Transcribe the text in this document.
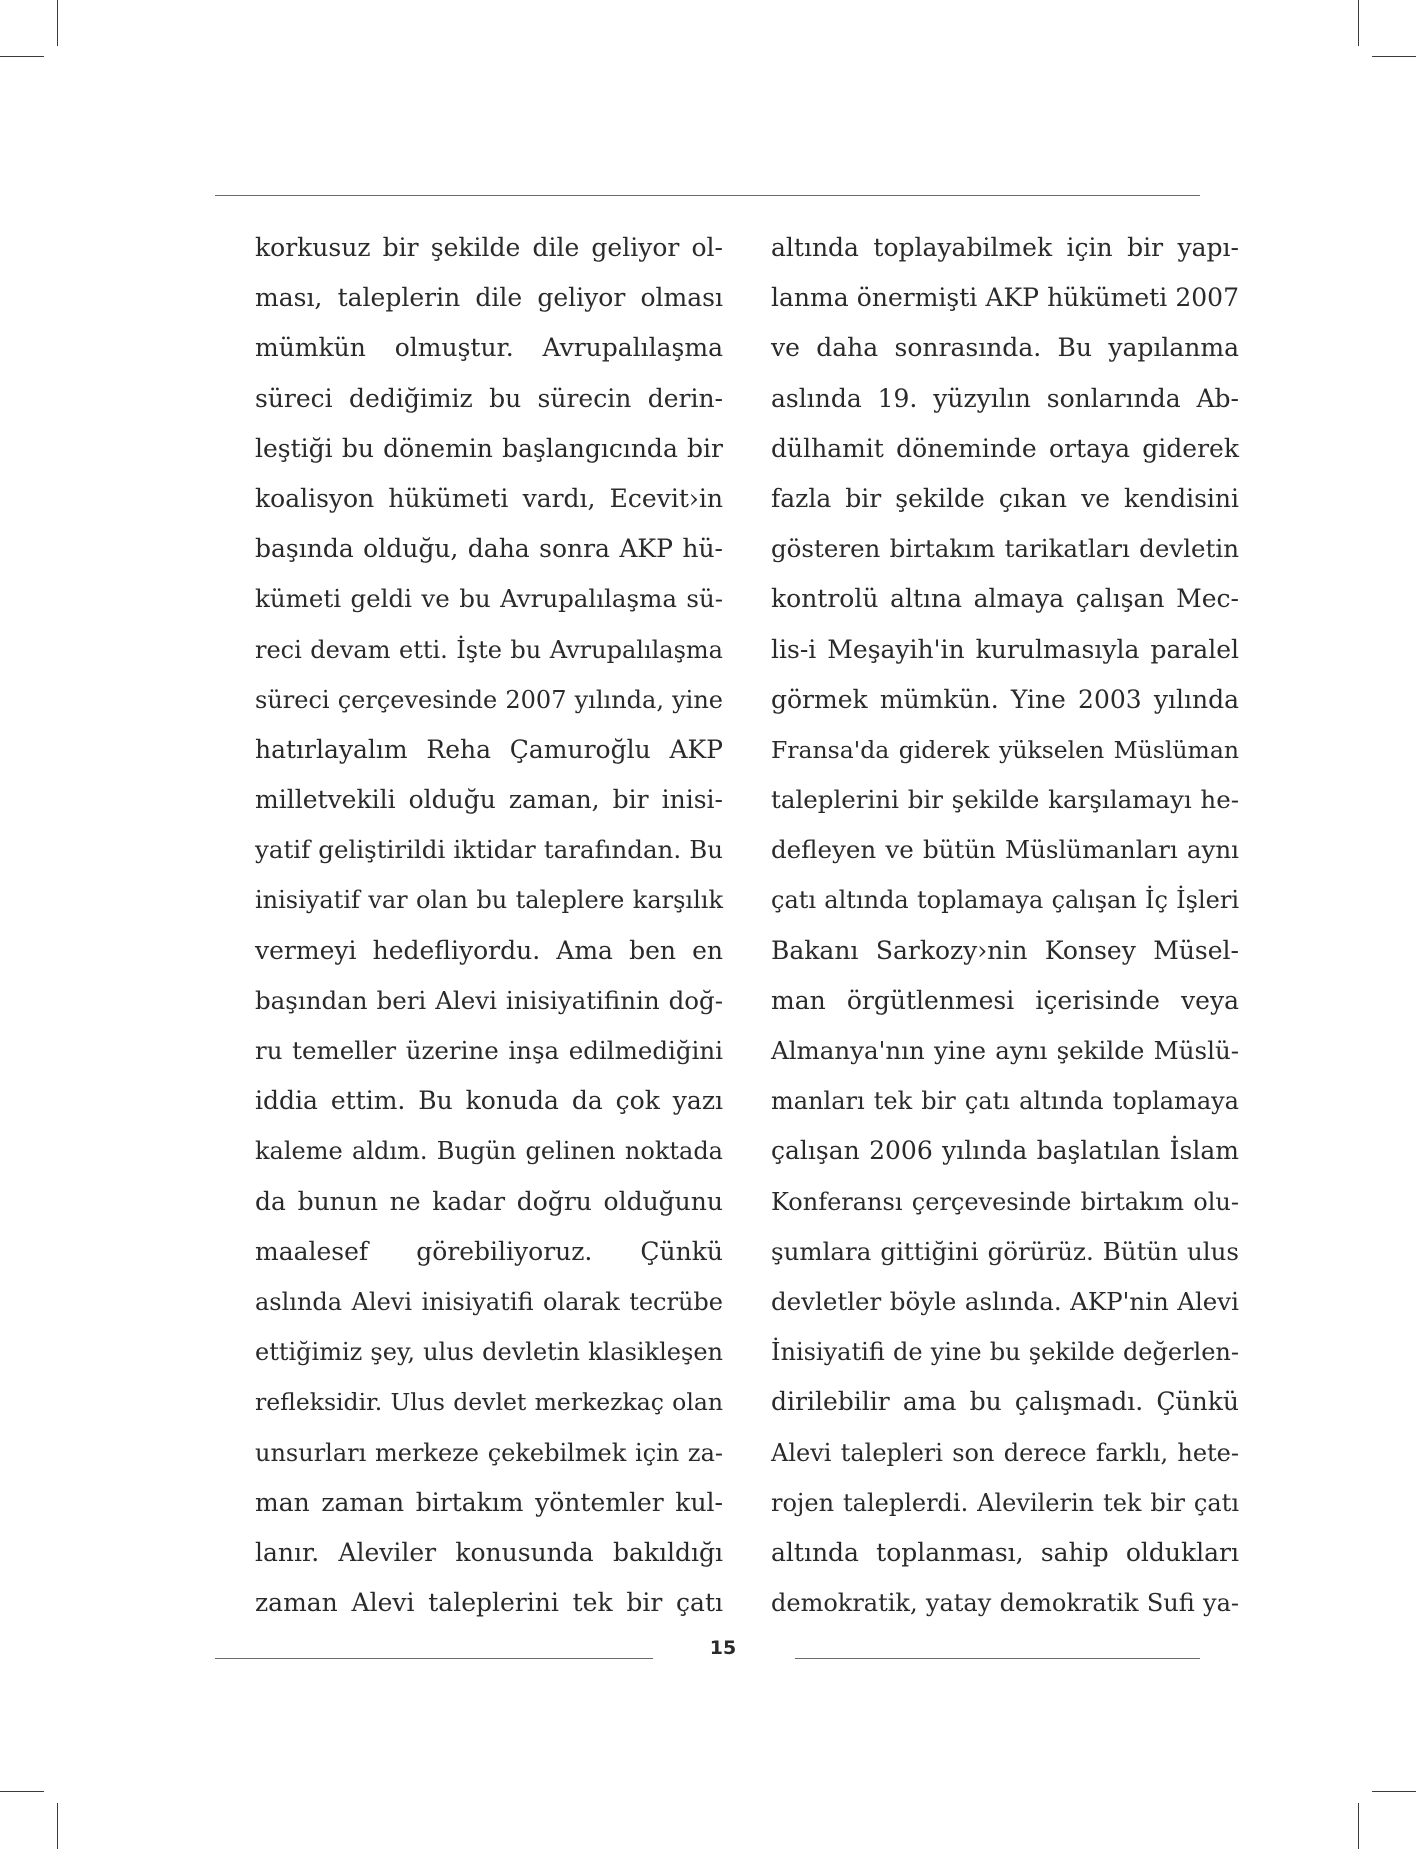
korkusuz bir şekilde dile geliyor ol-
ması, taleplerin dile geliyor olması
mümkün olmuştur. Avrupalılaşma
süreci dediğimiz bu sürecin derin-
leştiği bu dönemin başlangıcında bir
koalisyon hükümeti vardı, Ecevit›in
başında olduğu, daha sonra AKP hü-
kümeti geldi ve bu Avrupalılaşma sü-
reci devam etti. İşte bu Avrupalılaşma
süreci çerçevesinde 2007 yılında, yine
hatırlayalım Reha Çamuroğlu AKP
milletvekili olduğu zaman, bir inisi-
yatif geliştirildi iktidar tarafından. Bu
inisiyatif var olan bu taleplere karşılık
vermeyi hedefliyordu. Ama ben en
başından beri Alevi inisiyatifinin doğ-
ru temeller üzerine inşa edilmediğini
iddia ettim. Bu konuda da çok yazı
kaleme aldım. Bugün gelinen noktada
da bunun ne kadar doğru olduğunu
maalesef görebiliyoruz. Çünkü
aslında Alevi inisiyatifi olarak tecrübe
ettiğimiz şey, ulus devletin klasikleşen
refleksidir. Ulus devlet merkezkaç olan
unsurları merkeze çekebilmek için za-
man zaman birtakım yöntemler kul-
lanır. Aleviler konusunda bakıldığı
zaman Alevi taleplerini tek bir çatı
altında toplayabilmek için bir yapı-
lanma önermişti AKP hükümeti 2007
ve daha sonrasında. Bu yapılanma
aslında 19. yüzyılın sonlarında Ab-
dülhamit döneminde ortaya giderek
fazla bir şekilde çıkan ve kendisini
gösteren birtakım tarikatları devletin
kontrolü altına almaya çalışan Mec-
lis-i Meşayih'in kurulmasıyla paralel
görmek mümkün. Yine 2003 yılında
Fransa'da giderek yükselen Müslüman
taleplerini bir şekilde karşılamayı he-
defleyen ve bütün Müslümanları aynı
çatı altında toplamaya çalışan İç İşleri
Bakanı Sarkozy›nin Konsey Müsel-
man örgütlenmesi içerisinde veya
Almanya'nın yine aynı şekilde Müslü-
manları tek bir çatı altında toplamaya
çalışan 2006 yılında başlatılan İslam
Konferansı çerçevesinde birtakım olu-
şumlara gittiğini görürüz. Bütün ulus
devletler böyle aslında. AKP'nin Alevi
İnisiyatifi de yine bu şekilde değerlen-
dirilebilir ama bu çalışmadı. Çünkü
Alevi talepleri son derece farklı, hete-
rojen taleplerdi. Alevilerin tek bir çatı
altında toplanması, sahip oldukları
demokratik, yatay demokratik Sufi ya-
15
